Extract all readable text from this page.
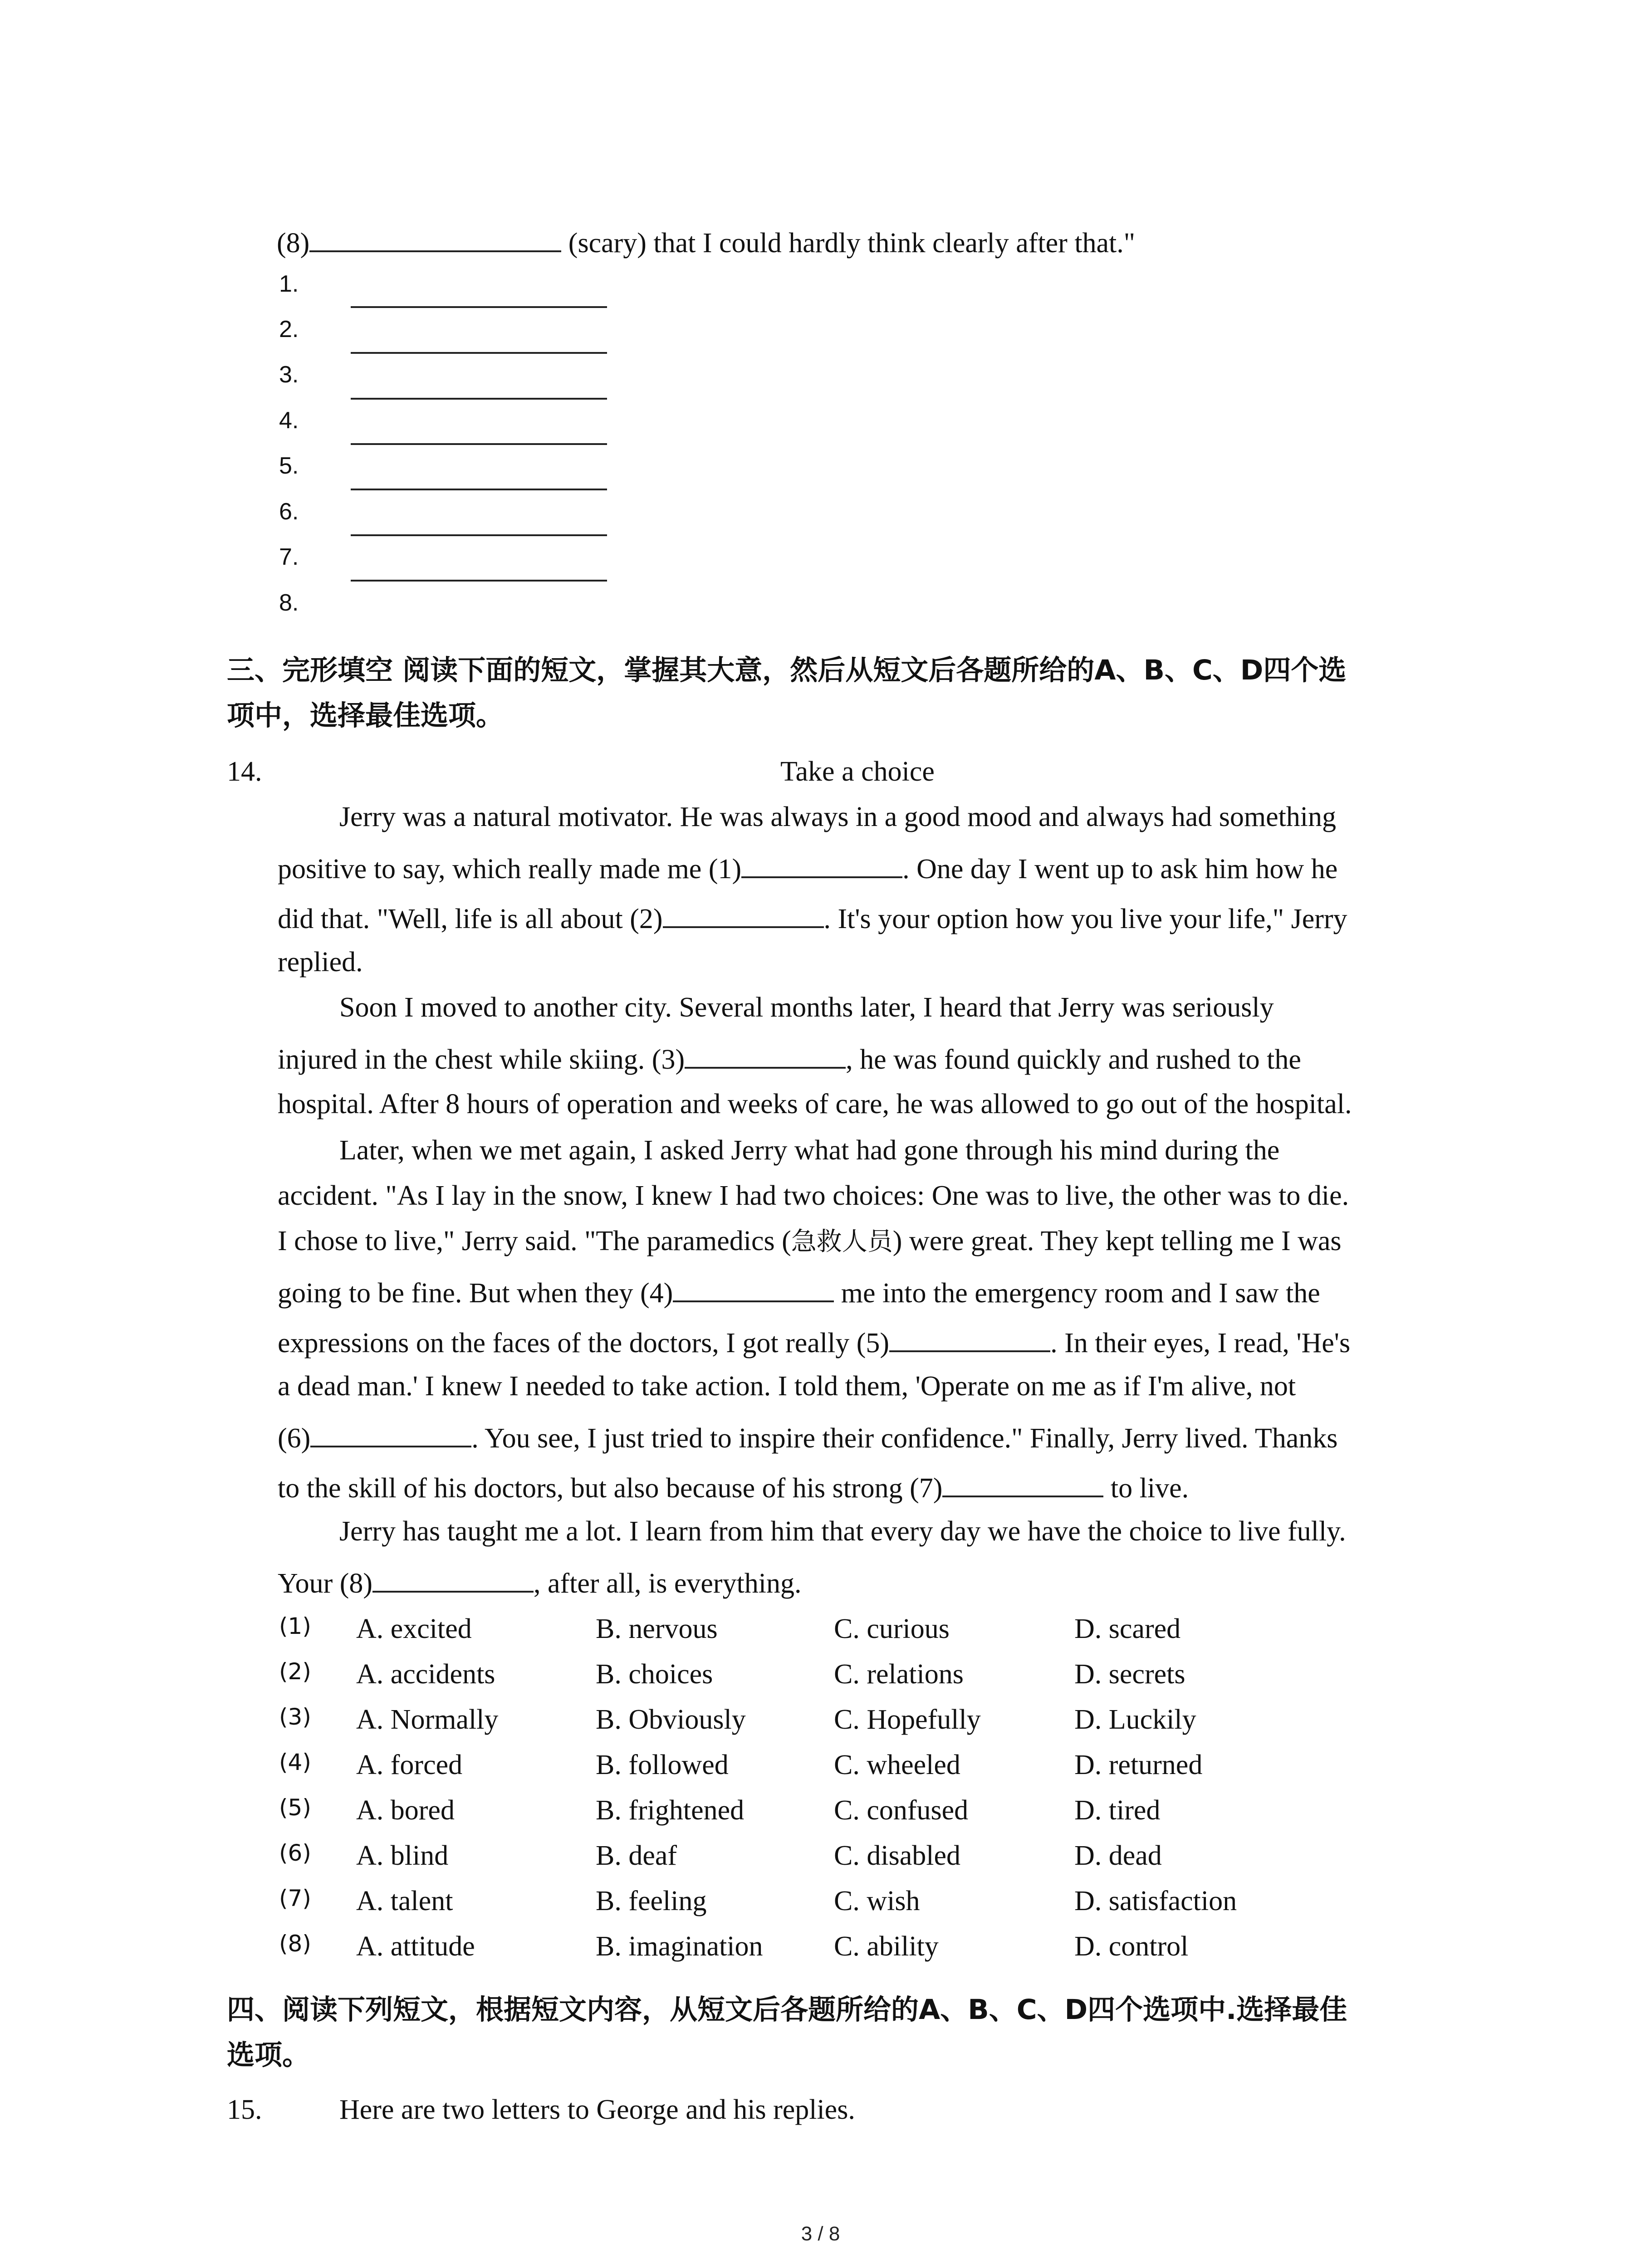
(8)	(scary) that I could hardly think clearly after that."
1.
2.
3.
4.
5.
6.
7.
8.
三、完形填空 阅读下面的短文，掌握其大意，然后从短文后各题所给的A、B、C、D四个选
项中，选择最佳选项。
14.	Take a choice
Jerry was a natural motivator. He was always in a good mood and always had something
positive to say, which really made me (1)	. One day I went up to ask him how he
did that. "Well, life is all about (2)	. It's your option how you live your life," Jerry
replied.
Soon I moved to another city. Several months later, I heard that Jerry was seriously
injured in the chest while skiing. (3)	, he was found quickly and rushed to the
hospital. After 8 hours of operation and weeks of care, he was allowed to go out of the hospital.
Later, when we met again, I asked Jerry what had gone through his mind during the
accident. "As I lay in the snow, I knew I had two choices: One was to live, the other was to die.
I chose to live," Jerry said. "The paramedics (急救人员) were great. They kept telling me I was
going to be fine. But when they (4)	me into the emergency room and I saw the
expressions on the faces of the doctors, I got really (5)	. In their eyes, I read, 'He's
a dead man.' I knew I needed to take action. I told them, 'Operate on me as if I'm alive, not
(6)	. You see, I just tried to inspire their confidence." Finally, Jerry lived. Thanks
to the skill of his doctors, but also because of his strong (7)	to live.
Jerry has taught me a lot. I learn from him that every day we have the choice to live fully.
Your (8)	, after all, is everything.
(1) A. excited	B. nervous	C. curious	D. scared
(2) A. accidents	B. choices	C. relations	D. secrets
(3) A. Normally	B. Obviously	C. Hopefully	D. Luckily
(4) A. forced	B. followed	C. wheeled	D. returned
(5) A. bored	B. frightened	C. confused	D. tired
(6) A. blind	B. deaf	C. disabled	D. dead
(7) A. talent	B. feeling	C. wish	D. satisfaction
(8) A. attitude	B. imagination	C. ability	D. control
四、阅读下列短文，根据短文内容，从短文后各题所给的A、B、C、D四个选项中.选择最佳
选项。
15.	Here are two letters to George and his replies.
3 / 8
